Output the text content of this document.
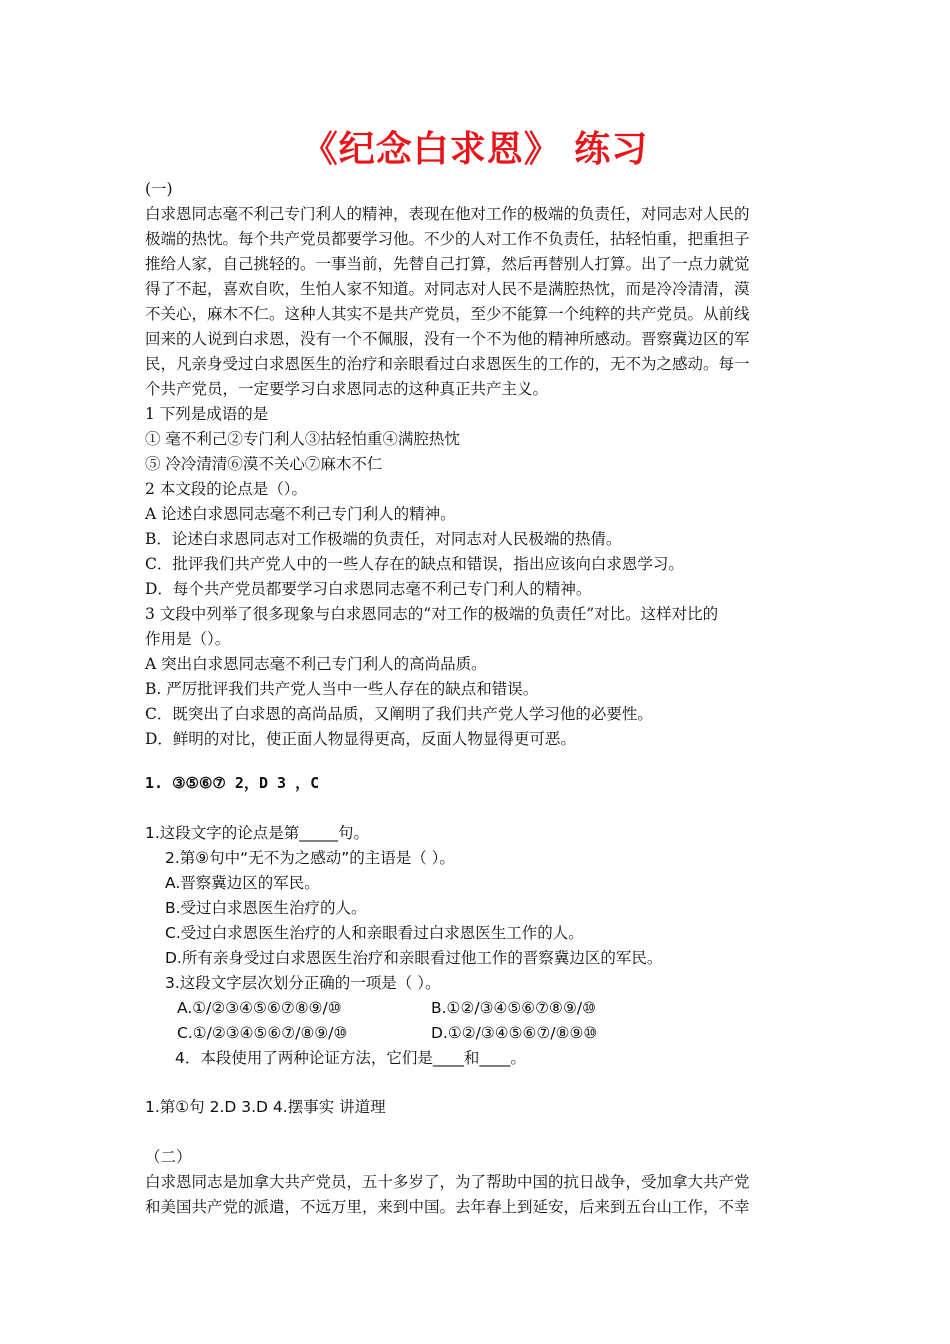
《纪念白求恩》 练习
(一)
白求恩同志毫不利己专门利人的精神，表现在他对工作的极端的负责任，对同志对人民的
极端的热忱。每个共产党员都要学习他。不少的人对工作不负责任，拈轻怕重，把重担子
推给人家，自己挑轻的。一事当前，先替自己打算，然后再替别人打算。出了一点力就觉
得了不起，喜欢自吹，生怕人家不知道。对同志对人民不是满腔热忱，而是冷冷清清，漠
不关心，麻木不仁。这种人其实不是共产党员，至少不能算一个纯粹的共产党员。从前线
回来的人说到白求恩，没有一个不佩服，没有一个不为他的精神所感动。晋察冀边区的军
民，凡亲身受过白求恩医生的治疗和亲眼看过白求恩医生的工作的，无不为之感动。每一
个共产党员，一定要学习白求恩同志的这种真正共产主义。
1 下列是成语的是
① 毫不利己②专门利人③拈轻怕重④满腔热忱
⑤ 冷冷清清⑥漠不关心⑦麻木不仁
2 本文段的论点是（）。
A 论述白求恩同志毫不利己专门利人的精神。
B．论述白求恩同志对工作极端的负责任，对同志对人民极端的热倩。
C．批评我们共产党人中的一些人存在的缺点和错误，指出应该向白求恩学习。
D．每个共产党员都要学习白求恩同志毫不利己专门利人的精神。
3 文段中列举了很多现象与白求恩同志的“对工作的极端的负责任”对比。这样对比的
作用是（）。
A 突出白求恩同志毫不利己专门利人的高尚品质。
B. 严厉批评我们共产党人当中一些人存在的缺点和错误。
C．既突出了白求恩的高尚品质，又阐明了我们共产党人学习他的必要性。
D．鲜明的对比，使正面人物显得更高，反面人物显得更可恶。
1. ③⑤⑥⑦ 2，D 3 ，C
1.这段文字的论点是第_____句。
2.第⑨句中“无不为之感动”的主语是（ ）。
A.晋察冀边区的军民。
B.受过白求恩医生治疗的人。
C.受过白求恩医生治疗的人和亲眼看过白求恩医生工作的人。
D.所有亲身受过白求恩医生治疗和亲眼看过他工作的晋察冀边区的军民。
3.这段文字层次划分正确的一项是（ ）。
A.①/②③④⑤⑥⑦⑧⑨/⑩	B.①②/③④⑤⑥⑦⑧⑨/⑩
C.①/②③④⑤⑥⑦/⑧⑨/⑩	D.①②/③④⑤⑥⑦/⑧⑨⑩
4．本段使用了两种论证方法，它们是____和____。
1.第①句 2.D 3.D 4.摆事实 讲道理
（二）
白求恩同志是加拿大共产党员，五十多岁了，为了帮助中国的抗日战争，受加拿大共产党
和美国共产党的派遣，不远万里，来到中国。去年春上到延安，后来到五台山工作，不幸
